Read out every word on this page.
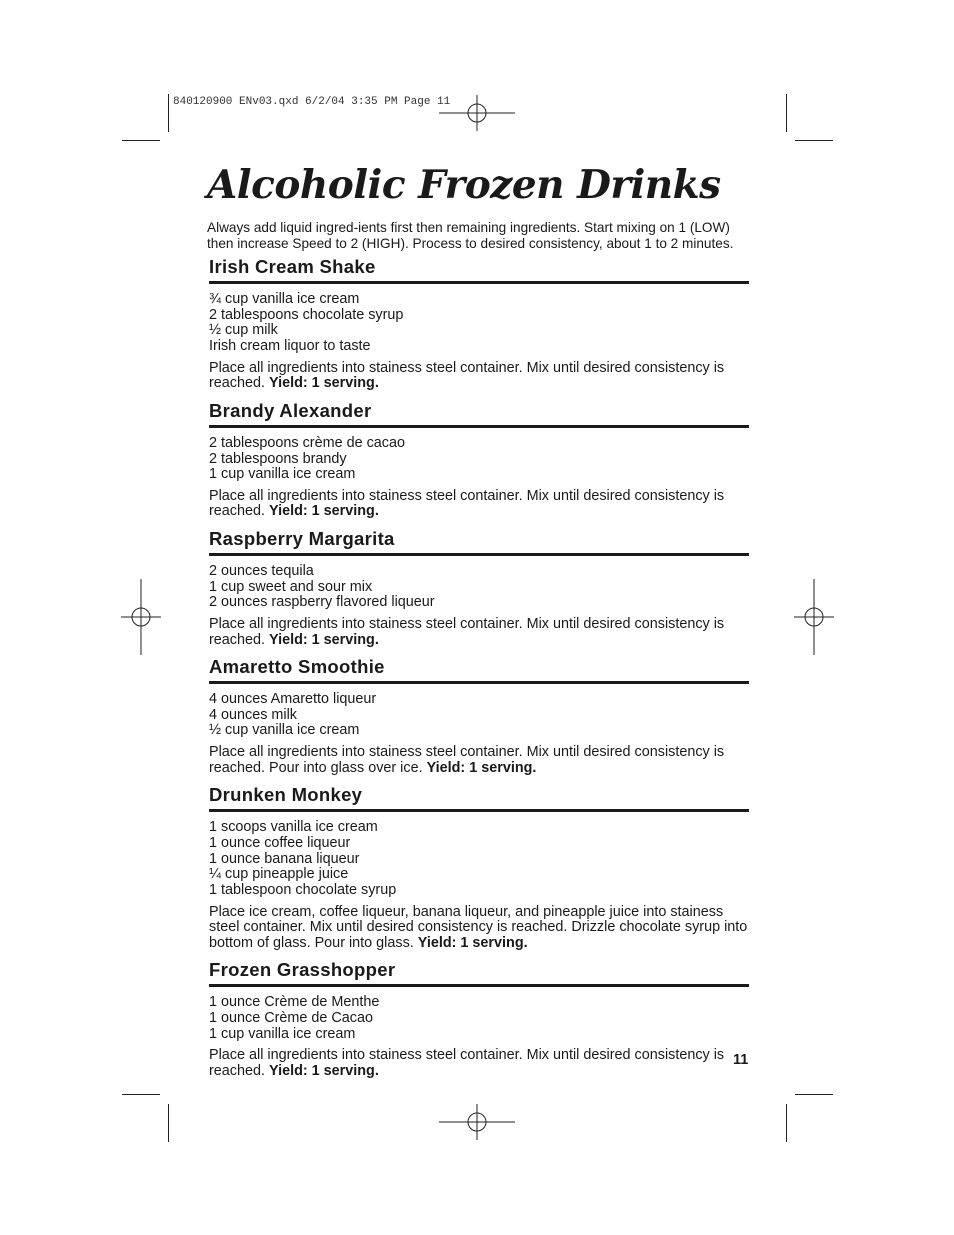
840120900 ENv03.qxd 6/2/04 3:35 PM Page 11
Alcoholic Frozen Drinks

Always add liquid ingred-ients first then remaining ingredients. Start mixing on 1 (LOW) then increase Speed to 2 (HIGH). Process to desired consistency, about 1 to 2 minutes.

Irish Cream Shake
¾ cup vanilla ice cream
2 tablespoons chocolate syrup
½ cup milk
Irish cream liquor to taste

Place all ingredients into stainess steel container. Mix until desired consistency is reached. Yield: 1 serving.

Brandy Alexander
2 tablespoons crème de cacao
2 tablespoons brandy
1 cup vanilla ice cream

Place all ingredients into stainess steel container. Mix until desired consistency is reached. Yield: 1 serving.

Raspberry Margarita
2 ounces tequila
1 cup sweet and sour mix
2 ounces raspberry flavored liqueur

Place all ingredients into stainess steel container. Mix until desired consistency is reached. Yield: 1 serving.

Amaretto Smoothie
4 ounces Amaretto liqueur
4 ounces milk
½ cup vanilla ice cream

Place all ingredients into stainess steel container. Mix until desired consistency is reached. Pour into glass over ice. Yield: 1 serving.

Drunken Monkey
1 scoops vanilla ice cream
1 ounce coffee liqueur
1 ounce banana liqueur
¼ cup pineapple juice
1 tablespoon chocolate syrup

Place ice cream, coffee liqueur, banana liqueur, and pineapple juice into stainess steel container. Mix until desired consistency is reached. Drizzle chocolate syrup into bottom of glass. Pour into glass. Yield: 1 serving.

Frozen Grasshopper
1 ounce Crème de Menthe
1 ounce Crème de Cacao
1 cup vanilla ice cream

Place all ingredients into stainess steel container. Mix until desired consistency is reached. Yield: 1 serving.

11
